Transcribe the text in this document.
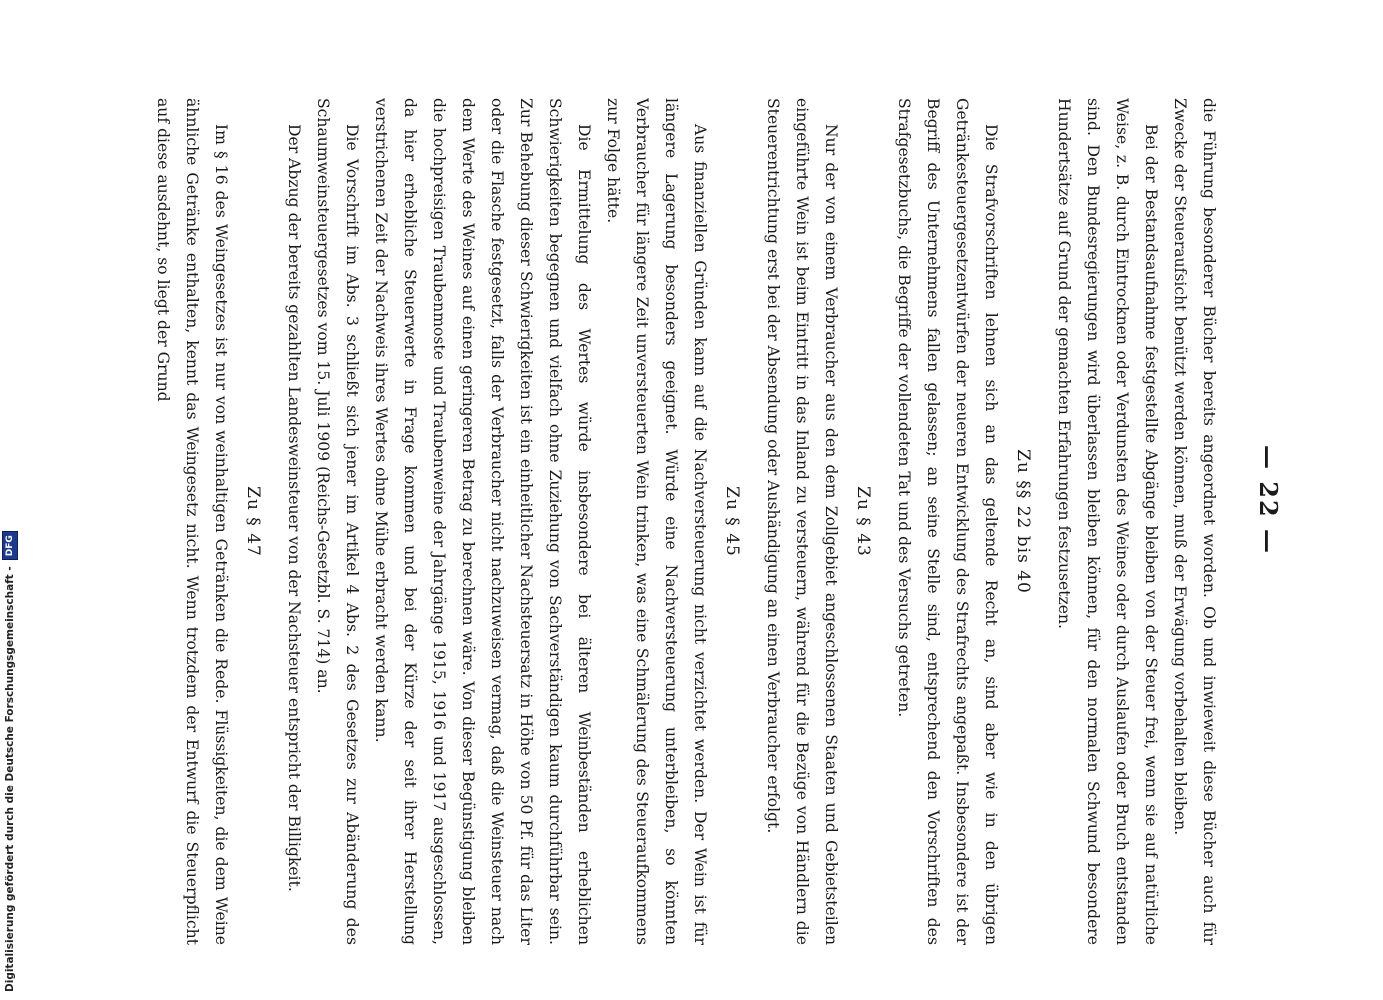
— 22 —

die Führung besonderer Bücher bereits angeordnet worden. Ob und inwieweit diese Bücher auch für Zwecke der Steueraufsicht benützt werden können, muß der Erwägung vorbehalten bleiben.

Bei der Bestandsaufnahme festgestellte Abgänge bleiben von der Steuer frei, wenn sie auf natürliche Weise, z. B. durch Eintrocknen oder Verdunsten des Weines oder durch Auslaufen oder Bruch entstanden sind. Den Bundesregierungen wird überlassen bleiben können, für den normalen Schwund besondere Hundertsätze auf Grund der gemachten Erfahrungen festzusetzen.

Zu §§ 22 bis 40

Die Strafvorschriften lehnen sich an das geltende Recht an, sind aber wie in den übrigen Getränkesteuergesetzentwürfen der neueren Entwicklung des Strafrechts angepaßt. Insbesondere ist der Begriff des Unternehmens fallen gelassen; an seine Stelle sind, entsprechend den Vorschriften des Strafgesetzbuchs, die Begriffe der vollendeten Tat und des Versuchs getreten.

Zu § 43

Nur der von einem Verbraucher aus den dem Zollgebiet angeschlossenen Staaten und Gebietsteilen eingeführte Wein ist beim Eintritt in das Inland zu versteuern, während für die Bezüge von Händlern die Steuerentrichtung erst bei der Absendung oder Aushändigung an einen Verbraucher erfolgt.

Zu § 45

Aus finanziellen Gründen kann auf die Nachversteuerung nicht verzichtet werden. Der Wein ist für längere Lagerung besonders geeignet. Würde eine Nachversteuerung unterbleiben, so könnten Verbraucher für längere Zeit unversteuerten Wein trinken, was eine Schmälerung des Steueraufkommens zur Folge hätte.

Die Ermittelung des Wertes würde insbesondere bei älteren Weinbeständen erheblichen Schwierigkeiten begegnen und vielfach ohne Zuziehung von Sachverständigen kaum durchführbar sein. Zur Behebung dieser Schwierigkeiten ist ein einheitlicher Nachsteuersatz in Höhe von 50 Pf. für das Liter oder die Flasche festgesetzt, falls der Verbraucher nicht nachzuweisen vermag, daß die Weinsteuer nach dem Werte des Weines auf einen geringeren Betrag zu berechnen wäre. Von dieser Begünstigung bleiben die hochpreisigen Traubenmoste und Traubenweine der Jahrgänge 1915, 1916 und 1917 ausgeschlossen, da hier erhebliche Steuerwerte in Frage kommen und bei der Kürze der seit ihrer Herstellung verstrichenen Zeit der Nachweis ihres Wertes ohne Mühe erbracht werden kann.

Die Vorschrift im Abs. 3 schließt sich jener im Artikel 4 Abs. 2 des Gesetzes zur Abänderung des Schaumweinsteuergesetzes vom 15. Juli 1909 (Reichs-Gesetzbl. S. 714) an.

Der Abzug der bereits gezahlten Landesweinsteuer von der Nachsteuer entspricht der Billigkeit.

Zu § 47

Im § 16 des Weingesetzes ist nur von weinhaltigen Getränken die Rede. Flüssigkeiten, die dem Weine ähnliche Getränke enthalten, kennt das Weingesetz nicht. Wenn trotzdem der Entwurf die Steuerpflicht auf diese ausdehnt, so liegt der Grund

Digitalisierung gefördert durch die Deutsche Forschungsgemeinschaft -
DFG
